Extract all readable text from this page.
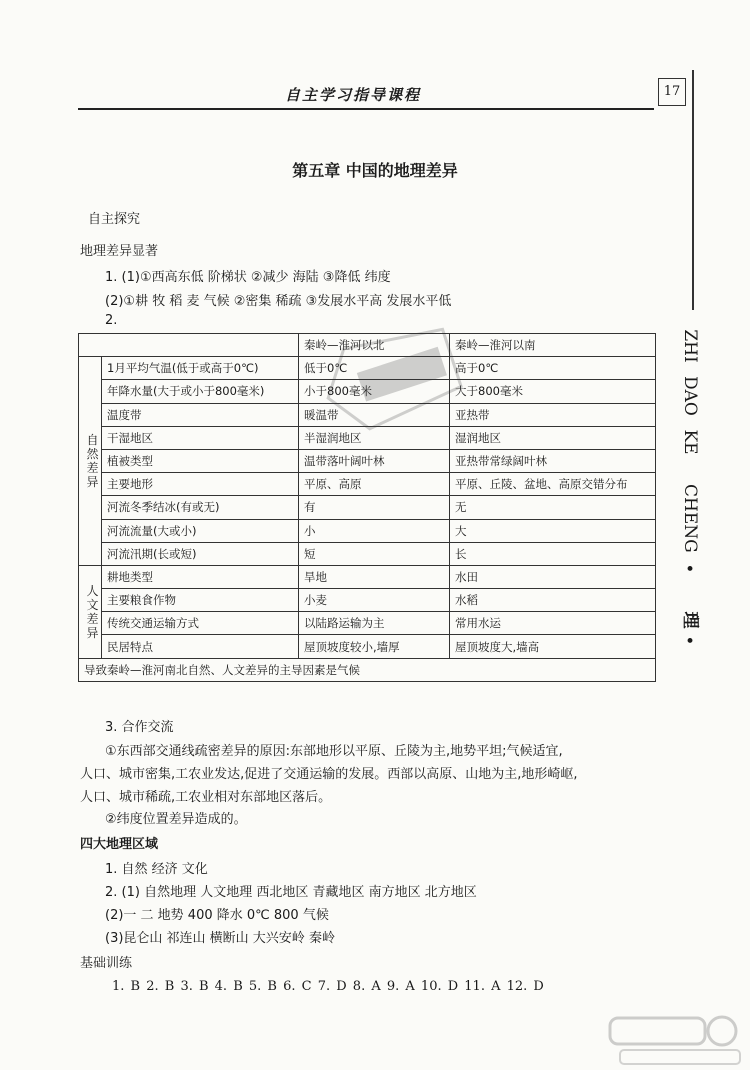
自主学习指导课程	17
ZHI
DAO
KE
CHENG
•
理
•
第五章 中国的地理差异
自主探究
地理差异显著
1. (1)①西高东低 阶梯状 ②减少 海陆 ③降低 纬度
(2)①耕 牧 稻 麦 气候 ②密集 稀疏 ③发展水平高 发展水平低
2.
		秦岭—淮河以北	秦岭—淮河以南

自然差异	1月平均气温(低于或高于0℃)	低于0℃	高于0℃
	年降水量(大于或小于800毫米)	小于800毫米	大于800毫米
	温度带	暖温带	亚热带
	干湿地区	半湿润地区	湿润地区
	植被类型	温带落叶阔叶林	亚热带常绿阔叶林
	主要地形	平原、高原	平原、丘陵、盆地、高原交错分布
	河流冬季结冰(有或无)	有	无
	河流流量(大或小)	小	大
	河流汛期(长或短)	短	长

人文差异	耕地类型	旱地	水田
	主要粮食作物	小麦	水稻
	传统交通运输方式	以陆路运输为主	常用水运
	民居特点	屋顶坡度较小,墙厚	屋顶坡度大,墙高
导致秦岭—淮河南北自然、人文差异的主导因素是气候			
3. 合作交流
①东西部交通线疏密差异的原因:东部地形以平原、丘陵为主,地势平坦;气候适宜,
人口、城市密集,工农业发达,促进了交通运输的发展。西部以高原、山地为主,地形崎岖,
人口、城市稀疏,工农业相对东部地区落后。
②纬度位置差异造成的。
四大地理区域
1. 自然 经济 文化
2. (1) 自然地理 人文地理 西北地区 青藏地区 南方地区 北方地区
(2)一 二 地势 400 降水 0℃ 800 气候
(3)昆仑山 祁连山 横断山 大兴安岭 秦岭
基础训练
1. B 2. B 3. B 4. B 5. B 6. C 7. D 8. A 9. A 10. D 11. A 12. D
